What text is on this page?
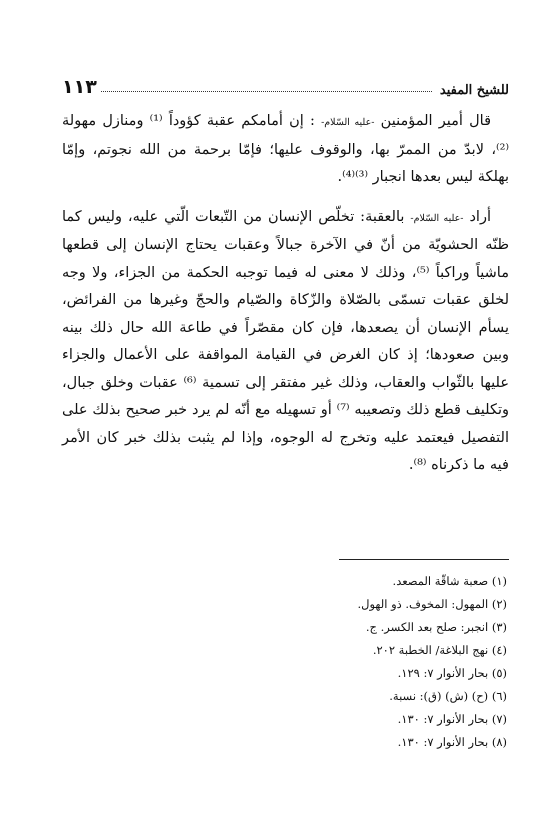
للشيخ المفيد
١١٣

قال أمير المؤمنين -عليه السّلام- : إن أمامكم عقبة كؤوداً ⁽¹⁾ ومنازل مهولة ⁽²⁾، لابدّ من الممرّ بها، والوقوف عليها؛ فإمّا برحمة من الله نجوتم، وإمّا بهلكة ليس بعدها انجبار ⁽³⁾⁽⁴⁾.

أراد -عليه السّلام- بالعقبة: تخلّص الإنسان من التّبعات الّتي عليه، وليس كما ظنّه الحشويّة من أنّ في الآخرة جبالاً وعقبات يحتاج الإنسان إلى قطعها ماشياً وراكباً ⁽⁵⁾، وذلك لا معنى له فيما توجبه الحكمة من الجزاء، ولا وجه لخلق عقبات تسمّى بالصّلاة والزّكاة والصّيام والحجّ وغيرها من الفرائض، يسأم الإنسان أن يصعدها، فإن كان مقصّراً في طاعة الله حال ذلك بينه وبين صعودها؛ إذ كان الغرض في القيامة المواقفة على الأعمال والجزاء عليها بالثّواب والعقاب، وذلك غير مفتقر إلى تسمية ⁽⁶⁾ عقبات وخلق جبال، وتكليف قطع ذلك وتصعيبه ⁽⁷⁾ أو تسهيله مع أنّه لم يرد خبر صحيح بذلك على التفصيل فيعتمد عليه وتخرج له الوجوه، وإذا لم يثبت بذلك خبر كان الأمر فيه ما ذكرناه ⁽⁸⁾.

(١) صعبة شاقّة المصعد.
(٢) المهول: المخوف. ذو الهول.
(٣) انجبر: صلح بعد الكسر. ج.
(٤) نهج البلاغة/ الخطبة ٢٠٢.
(٥) بحار الأنوار ٧: ١٢٩.
(٦) (ح) (ش) (ق): نسبة.
(٧) بحار الأنوار ٧: ١٣٠.
(٨) بحار الأنوار ٧: ١٣٠.
